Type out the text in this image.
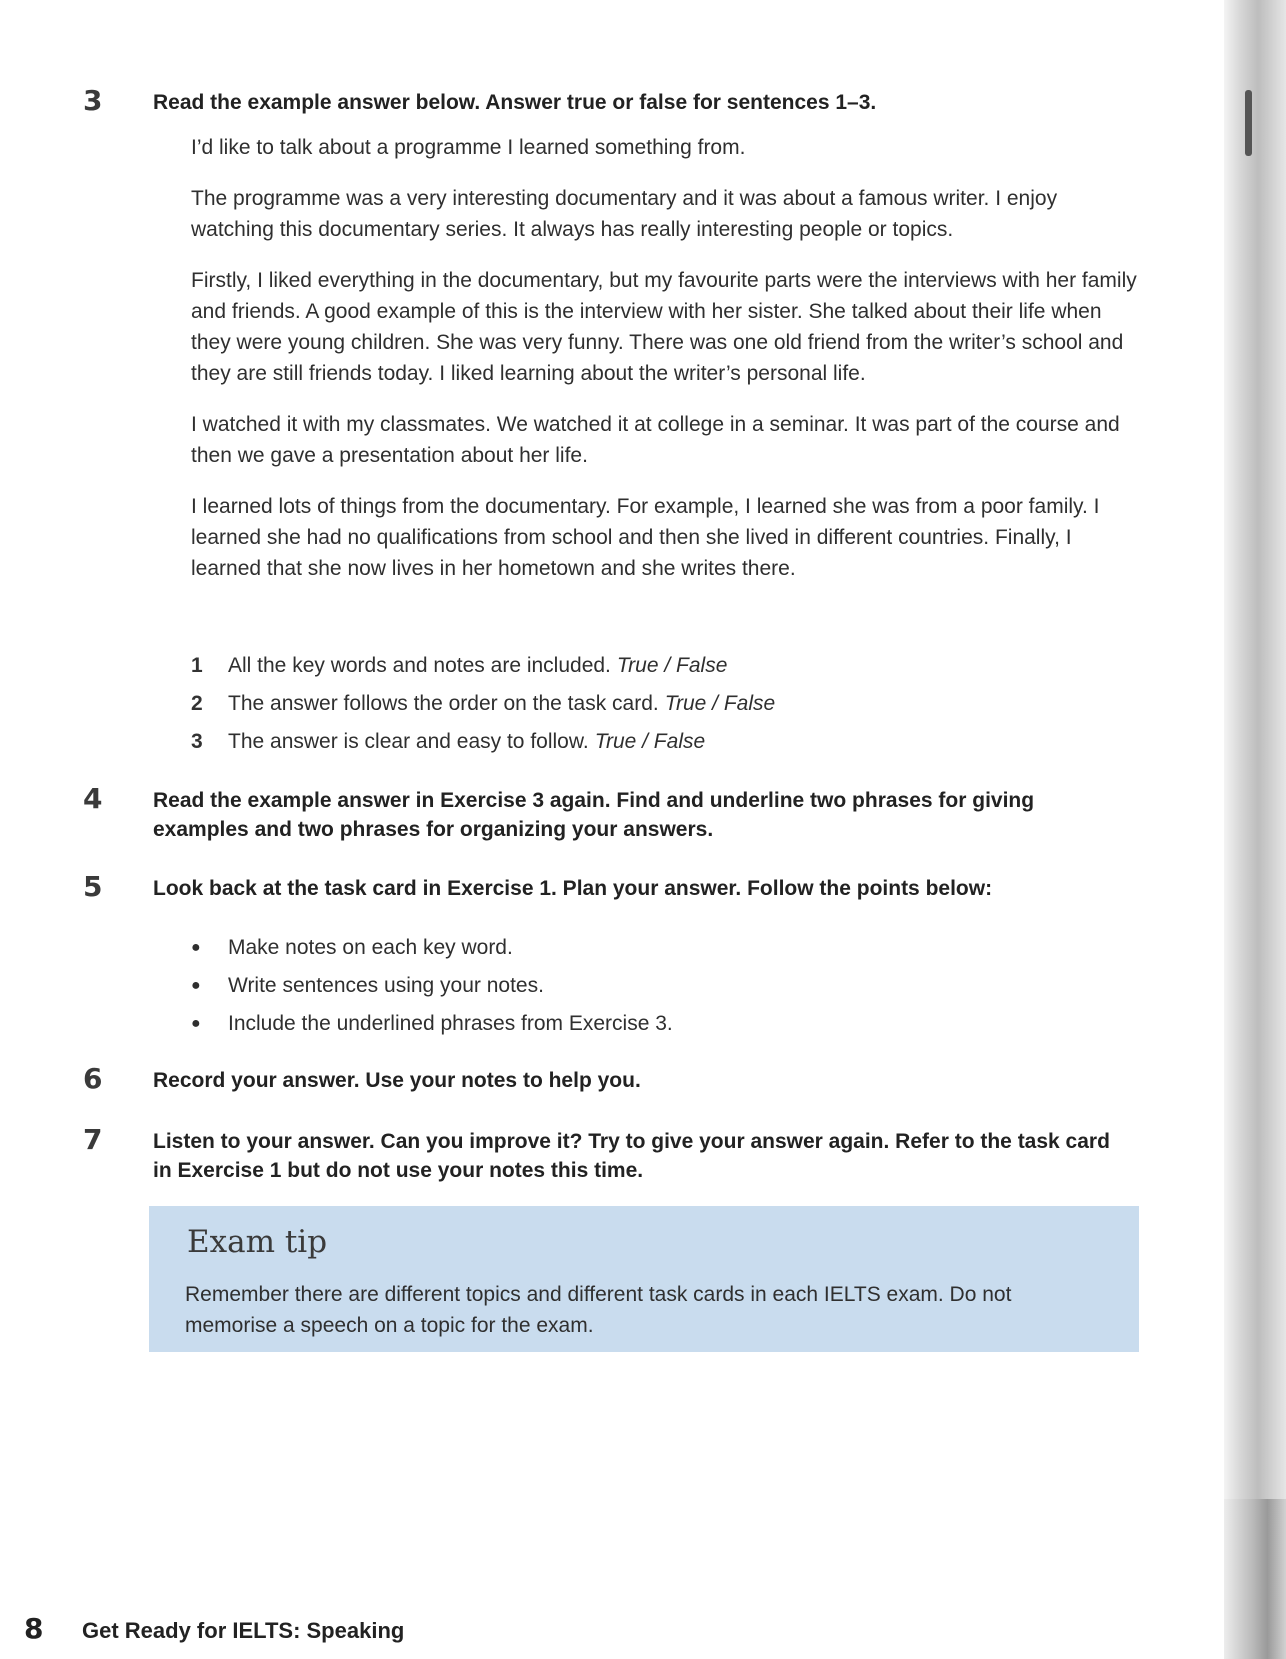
3	Read the example answer below. Answer true or false for sentences 1–3.

I’d like to talk about a programme I learned something from.

The programme was a very interesting documentary and it was about a famous writer. I enjoy watching this documentary series. It always has really interesting people or topics.

Firstly, I liked everything in the documentary, but my favourite parts were the interviews with her family and friends. A good example of this is the interview with her sister. She talked about their life when they were young children. She was very funny. There was one old friend from the writer’s school and they are still friends today. I liked learning about the writer’s personal life.

I watched it with my classmates. We watched it at college in a seminar. It was part of the course and then we gave a presentation about her life.

I learned lots of things from the documentary. For example, I learned she was from a poor family. I learned she had no qualifications from school and then she lived in different countries. Finally, I learned that she now lives in her hometown and she writes there.

1	All the key words and notes are included. True / False
2	The answer follows the order on the task card. True / False
3	The answer is clear and easy to follow. True / False
4	Read the example answer in Exercise 3 again. Find and underline two phrases for giving examples and two phrases for organizing your answers.
5	Look back at the task card in Exercise 1. Plan your answer. Follow the points below:
●	Make notes on each key word.
●	Write sentences using your notes.
●	Include the underlined phrases from Exercise 3.
6	Record your answer. Use your notes to help you.
7	Listen to your answer. Can you improve it? Try to give your answer again. Refer to the task card in Exercise 1 but do not use your notes this time.
Exam tip
Remember there are different topics and different task cards in each IELTS exam. Do not memorise a speech on a topic for the exam.
8	Get Ready for IELTS: Speaking
